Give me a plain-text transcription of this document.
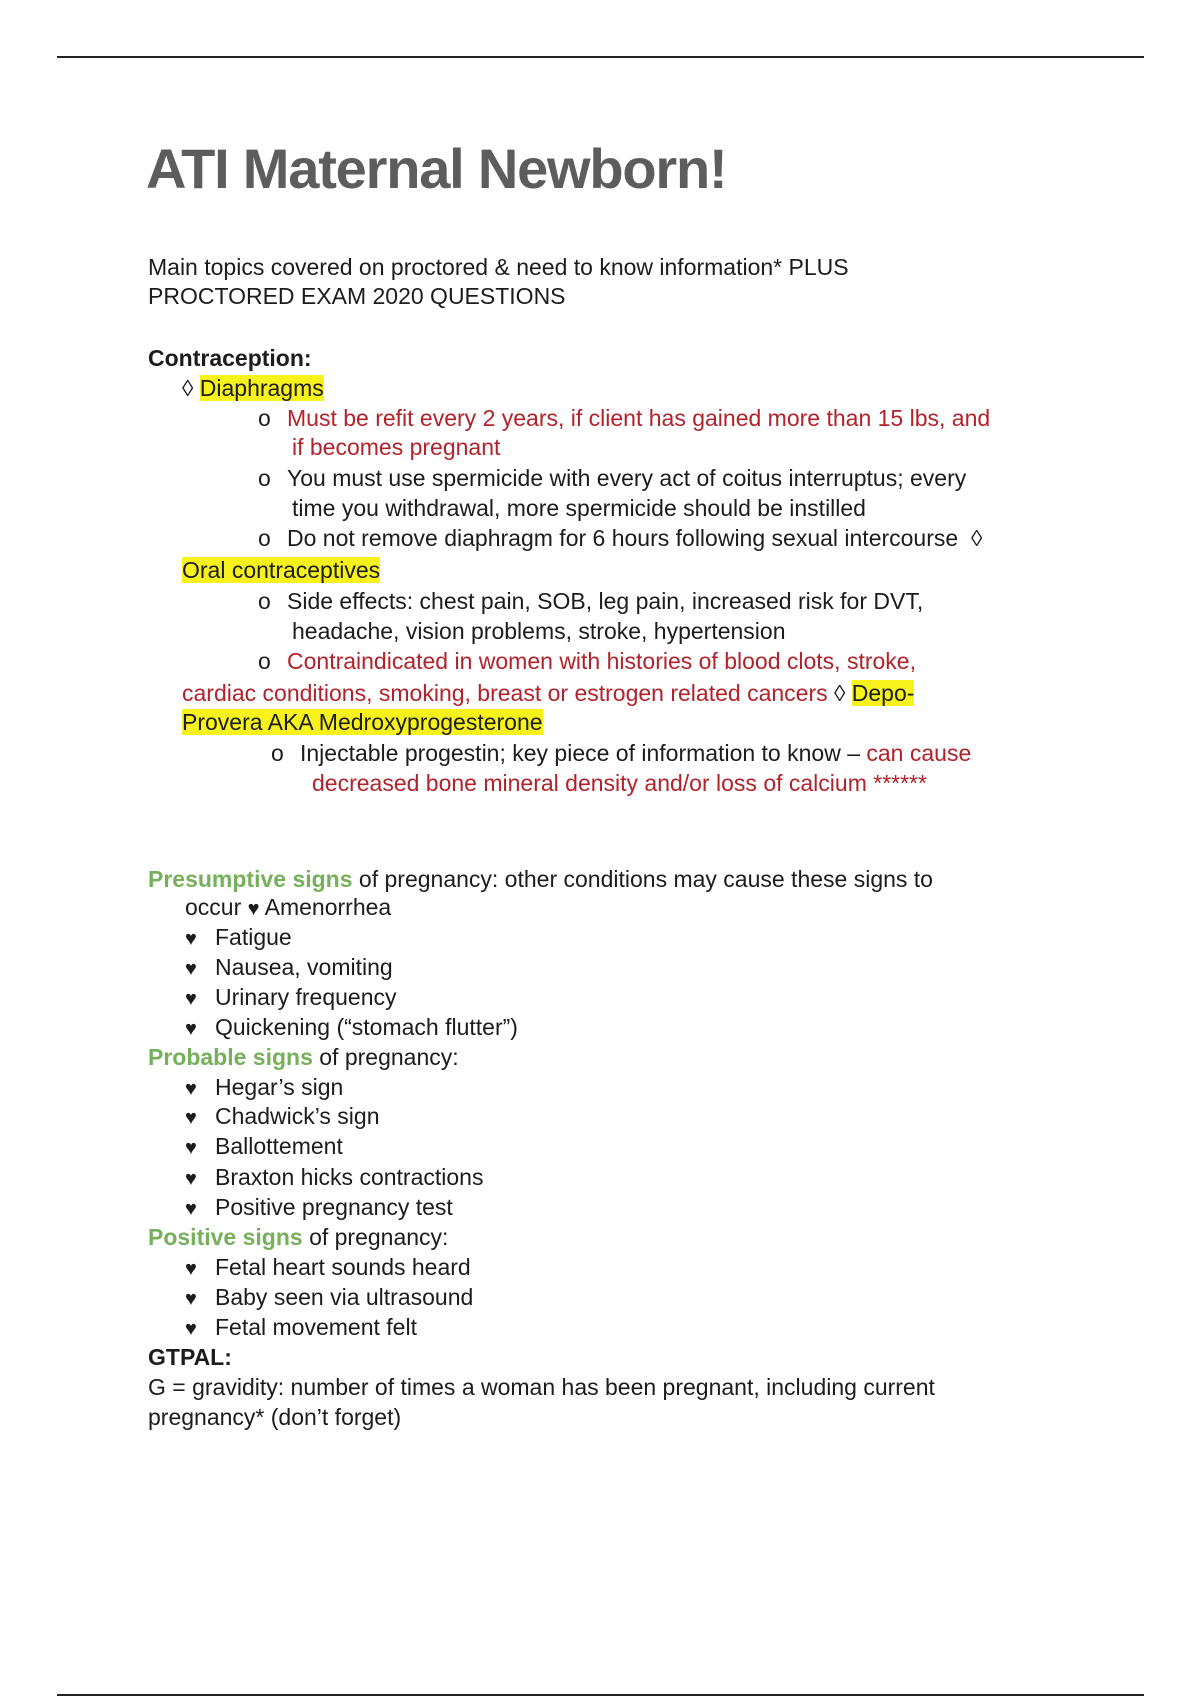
ATI Maternal Newborn!
Main topics covered on proctored & need to know information* PLUS
PROCTORED EXAM 2020 QUESTIONS
Contraception:
◊ Diaphragms
o Must be refit every 2 years, if client has gained more than 15 lbs, and
if becomes pregnant
o You must use spermicide with every act of coitus interruptus; every
time you withdrawal, more spermicide should be instilled
o Do not remove diaphragm for 6 hours following sexual intercourse ◊
Oral contraceptives
o Side effects: chest pain, SOB, leg pain, increased risk for DVT,
headache, vision problems, stroke, hypertension
o Contraindicated in women with histories of blood clots, stroke,
cardiac conditions, smoking, breast or estrogen related cancers ◊ Depo-
Provera AKA Medroxyprogesterone
o Injectable progestin; key piece of information to know – can cause
decreased bone mineral density and/or loss of calcium ******
Presumptive signs of pregnancy: other conditions may cause these signs to
occur ♥ Amenorrhea
♥ Fatigue
♥ Nausea, vomiting
♥ Urinary frequency
♥ Quickening (“stomach flutter”)
Probable signs of pregnancy:
♥ Hegar’s sign
♥ Chadwick’s sign
♥ Ballottement
♥ Braxton hicks contractions
♥ Positive pregnancy test
Positive signs of pregnancy:
♥ Fetal heart sounds heard
♥ Baby seen via ultrasound
♥ Fetal movement felt
GTPAL:
G = gravidity: number of times a woman has been pregnant, including current
pregnancy* (don’t forget)
